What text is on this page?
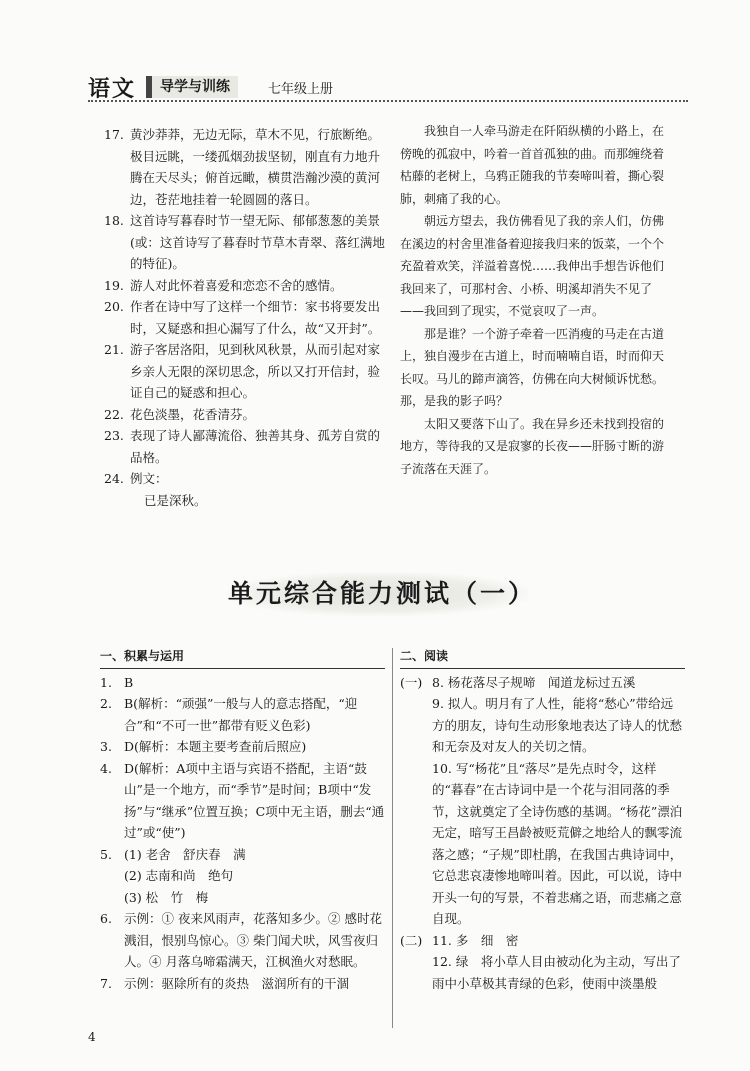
语文	导学与训练	七年级上册
17. 黄沙莽莽，无边无际，草木不见，行旅断绝。极目远眺，一缕孤烟劲拔坚韧，刚直有力地升腾在天尽头；俯首远瞰，横贯浩瀚沙漠的黄河边，苍茫地挂着一轮圆圆的落日。
18. 这首诗写暮春时节一望无际、郁郁葱葱的美景(或：这首诗写了暮春时节草木青翠、落红满地的特征)。
19. 游人对此怀着喜爱和恋恋不舍的感情。
20. 作者在诗中写了这样一个细节：家书将要发出时，又疑惑和担心漏写了什么，故“又开封”。
21. 游子客居洛阳，见到秋风秋景，从而引起对家乡亲人无限的深切思念，所以又打开信封，验证自己的疑惑和担心。
22. 花色淡墨，花香清芬。
23. 表现了诗人鄙薄流俗、独善其身、孤芳自赏的品格。
24. 例文：

已是深秋。

我独自一人牵马游走在阡陌纵横的小路上，在傍晚的孤寂中，吟着一首首孤独的曲。而那缠绕着枯藤的老树上，乌鸦正随我的节奏啼叫着，撕心裂肺，刺痛了我的心。

朝远方望去，我仿佛看见了我的亲人们，仿佛在溪边的村舍里准备着迎接我归来的饭菜，一个个充盈着欢笑，洋溢着喜悦……我伸出手想告诉他们我回来了，可那村舍、小桥、明溪却消失不见了——我回到了现实，不觉哀叹了一声。

那是谁？一个游子牵着一匹消瘦的马走在古道上，独自漫步在古道上，时而喃喃自语，时而仰天长叹。马儿的蹄声滴答，仿佛在向大树倾诉忧愁。那，是我的影子吗？

太阳又要落下山了。我在异乡还未找到投宿的地方，等待我的又是寂寥的长夜——肝肠寸断的游子流落在天涯了。

单元综合能力测试（一）
一、积累与运用
1. B
2. B(解析：“顽强”一般与人的意志搭配，“迎合”和“不可一世”都带有贬义色彩)
3. D(解析：本题主要考查前后照应)
4. D(解析：A项中主语与宾语不搭配，主语“鼓山”是一个地方，而“季节”是时间；B项中“发扬”与“继承”位置互换；C项中无主语，删去“通过”或“使”)
5. (1) 老舍　舒庆春　满

(2) 志南和尚　绝句

(3) 松　竹　梅

6. 示例：① 夜来风雨声，花落知多少。② 感时花溅泪，恨别鸟惊心。③ 柴门闻犬吠，风雪夜归人。④ 月落乌啼霜满天，江枫渔火对愁眠。
7. 示例：驱除所有的炎热　滋润所有的干涸
二、阅读
(一) 8. 杨花落尽子规啼　闻道龙标过五溪
9. 拟人。明月有了人性，能将“愁心”带给远方的朋友，诗句生动形象地表达了诗人的忧愁和无奈及对友人的关切之情。
10. 写“杨花”且“落尽”是先点时令，这样的“暮春”在古诗词中是一个花与泪同落的季节，这就奠定了全诗伤感的基调。“杨花”漂泊无定，暗写王昌龄被贬荒僻之地给人的飘零流落之感；“子规”即杜鹃，在我国古典诗词中，它总悲哀凄惨地啼叫着。因此，可以说，诗中开头一句的写景，不着悲痛之语，而悲痛之意自现。
(二) 11. 多　细　密
12. 绿　将小草人目由被动化为主动，写出了雨中小草极其青绿的色彩，使雨中淡墨般
4
